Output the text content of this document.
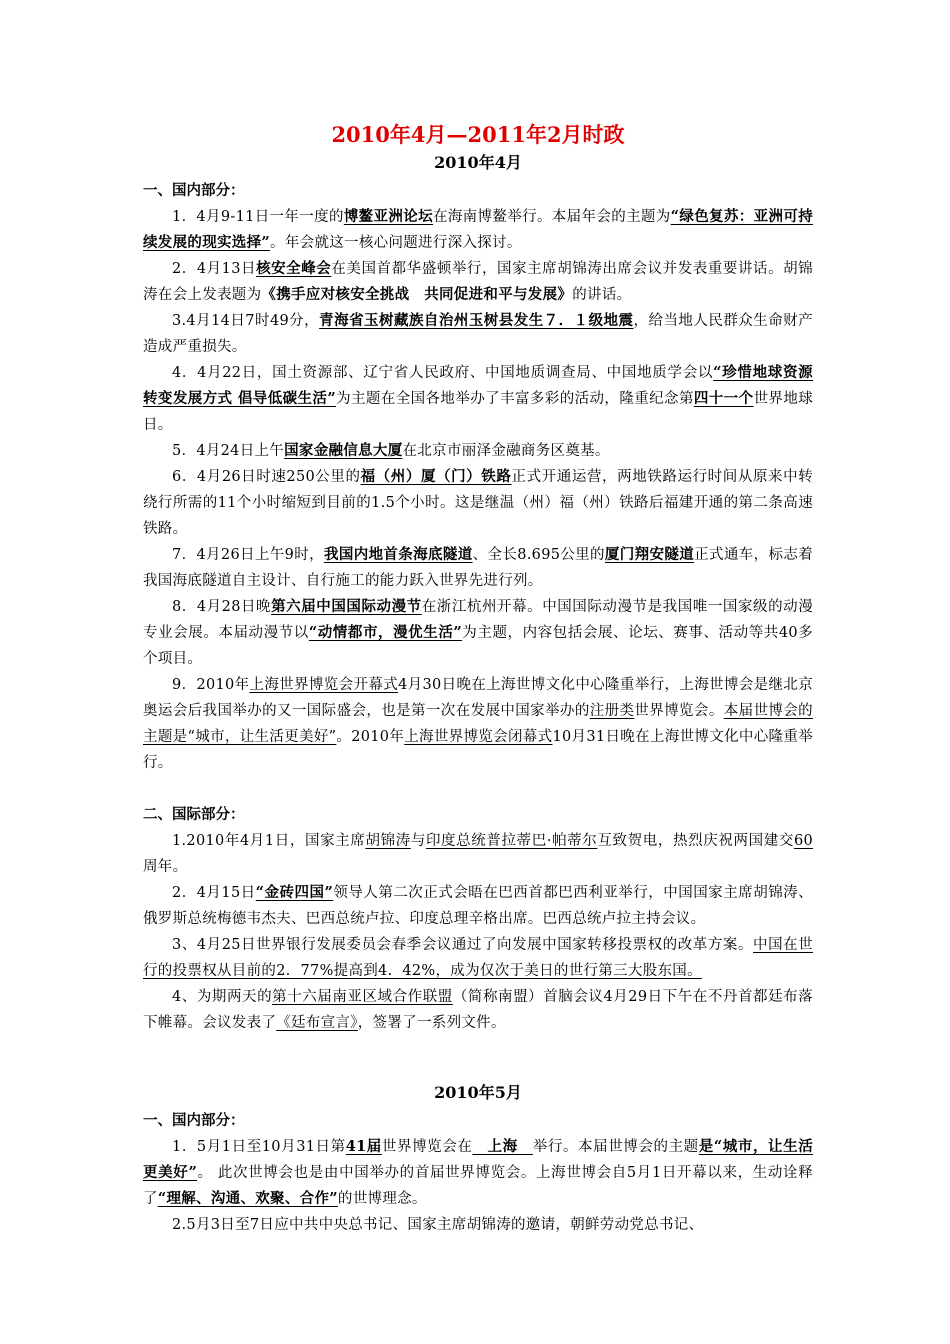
2010年4月—2011年2月时政
2010年4月
一、国内部分：

1．4月9-11日一年一度的博鳌亚洲论坛在海南博鳌举行。本届年会的主题为“绿色复苏：亚洲可持续发展的现实选择”。年会就这一核心问题进行深入探讨。

2．4月13日核安全峰会在美国首都华盛顿举行，国家主席胡锦涛出席会议并发表重要讲话。胡锦涛在会上发表题为《携手应对核安全挑战　共同促进和平与发展》的讲话。

3.4月14日7时49分，青海省玉树藏族自治州玉树县发生７．１级地震，给当地人民群众生命财产造成严重损失。

4．4月22日，国土资源部、辽宁省人民政府、中国地质调查局、中国地质学会以“珍惜地球资源 转变发展方式 倡导低碳生活”为主题在全国各地举办了丰富多彩的活动，隆重纪念第四十一个世界地球日。

5．4月24日上午国家金融信息大厦在北京市丽泽金融商务区奠基。

6．4月26日时速250公里的福（州）厦（门）铁路正式开通运营，两地铁路运行时间从原来中转绕行所需的11个小时缩短到目前的1.5个小时。这是继温（州）福（州）铁路后福建开通的第二条高速铁路。

7．4月26日上午9时，我国内地首条海底隧道、全长8.695公里的厦门翔安隧道正式通车，标志着我国海底隧道自主设计、自行施工的能力跃入世界先进行列。

8．4月28日晚第六届中国国际动漫节在浙江杭州开幕。中国国际动漫节是我国唯一国家级的动漫专业会展。本届动漫节以“动情都市，漫优生活”为主题，内容包括会展、论坛、赛事、活动等共40多个项目。

9．2010年上海世界博览会开幕式4月30日晚在上海世博文化中心隆重举行，上海世博会是继北京奥运会后我国举办的又一国际盛会，也是第一次在发展中国家举办的注册类世界博览会。本届世博会的主题是“城市，让生活更美好”。2010年上海世界博览会闭幕式10月31日晚在上海世博文化中心隆重举行。

二、国际部分：

1.2010年4月1日，国家主席胡锦涛与印度总统普拉蒂巴·帕蒂尔互致贺电，热烈庆祝两国建交60周年。

2．4月15日“金砖四国”领导人第二次正式会晤在巴西首都巴西利亚举行，中国国家主席胡锦涛、俄罗斯总统梅德韦杰夫、巴西总统卢拉、印度总理辛格出席。巴西总统卢拉主持会议。

3、4月25日世界银行发展委员会春季会议通过了向发展中国家转移投票权的改革方案。中国在世行的投票权从目前的2．77%提高到4．42%，成为仅次于美日的世行第三大股东国。

4、为期两天的第十六届南亚区域合作联盟（简称南盟）首脑会议4月29日下午在不丹首都廷布落下帷幕。会议发表了《廷布宣言》，签署了一系列文件。

2010年5月
一、国内部分：

1．5月1日至10月31日第41届世界博览会在　上海　举行。本届世博会的主题是“城市，让生活更美好”。 此次世博会也是由中国举办的首届世界博览会。上海世博会自5月1日开幕以来，生动诠释了“理解、沟通、欢聚、合作”的世博理念。

2.5月3日至7日应中共中央总书记、国家主席胡锦涛的邀请，朝鲜劳动党总书记、
